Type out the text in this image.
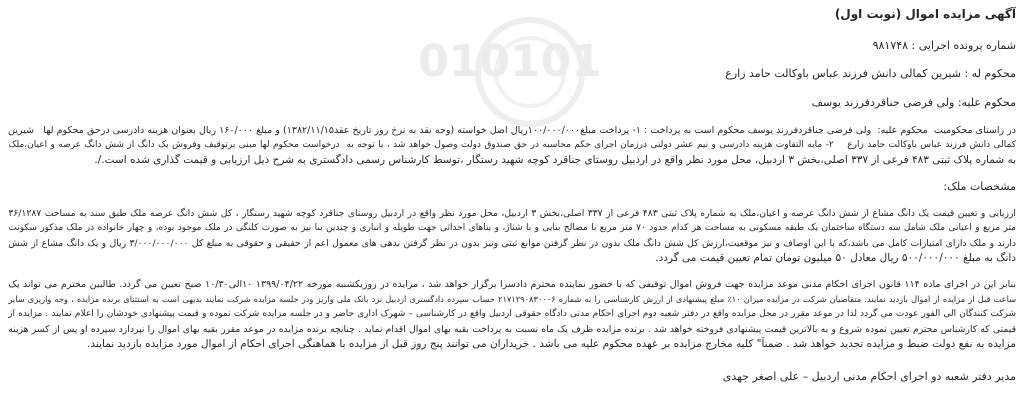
010101
آگهی مزایده اموال (نوبت اول)
شماره پرونده اجرایی : ۹۸۱۷۴۸
محکوم له : شیرین کمالی دانش فرزند عباس باوکالت حامد زارع
محکوم علیه: ولی فرضی جناقردفرزند یوسف
در راستای محکومیت  محکوم علیه:  ولی فرضی جناقردفرزند یوسف محکوم است به پرداخت : ۱- پرداخت مبلغ۱۰۰/۰۰۰/۰۰۰ریال اصل خواسته (وجه نقد به نرخ روز تاریخ عقد۱۳۸۲/۱۱/۱۵) و مبلغ ۱۶۰/۰۰۰ ریال بعنوان هزینه دادرسی درحق محکوم لها   شیرین
کمالی دانش فرزند عباس باوکالت حامد زارع    ۲- مایه التفاوت هزینه دادرسی و نیم عشر دولتی درزمان اجرای حکم محاسبه در حق صندوق دولت وصول خواهد شد ، با توجه به  درخواست محکوم لها مبنی برتوقیف وفروش یک دانگ از شش دانگ عرصه و اعیان،ملک
به شماره پلاک ثبتی ۴۸۳ فرعی از ۳۳۷ اصلی،بخش ۳ اردبیل، محل مورد نظر واقع در اردبیل روستای جناقرد کوچه شهید رستگار ،توسط کارشناس رسمی دادگستری به شرح ذیل ارزیابی و قیمت گذاری شده است./.
مشخصات ملک:
ارزیابی و تعیین قیمت یک دانگ مشاع از شش دانگ عرصه و اعیان،ملک به شماره پلاک ثبتی ۴۸۳ فرعی از ۳۳۷ اصلی،بخش ۳ اردبیل، محل مورد نظر واقع در اردبیل روستای جناقرد کوچه شهید رستگار ، کل شش دانگ عرصه ملک طبق سند به مساحت ۳۶/۱۲۸۷
متر مربع و اعیانی ملک شامل سه دستگاه ساختمان یک طبقه مسکونی به مساحت هر کدام حدود ۷۰ متر مربع با مصالح بنایی و با شناژ، و بناهای احداثی جهت طویله و انباری و چندین بنا نیز به صورت کلنگی در ملک موجود بوده، و چهار خانواده در ملک مذکور سکونت
دارند و ملک دارای امتیازات کامل می باشد،که با این اوصاف و نیز موقعیت،ارزش کل شش دانگ ملک بدون در نظر گرفتن موانع ثبتی ونیز بدون در نظر گرفتن بدهی های معمول اعم از حقیقی و حقوقی به مبلغ کل ۳/۰۰۰/۰۰۰/۰۰۰ ریال و یک دانگ مشاع از شش
دانگ به مبلغ ۵۰۰/۰۰۰/۰۰۰ ریال معادل ۵۰ میلیون تومان تمام تعیین قیمت می گردد.
بنابر این در اجرای ماده ۱۱۴ قانون اجرای احکام مدنی موعد مزایده جهت فروش اموال توقیفی که با حضور نماینده محترم دادسرا برگزار خواهد شد ، مزایده در روزیکشنبه مورخه ۱۳۹۹/۰۴/۲۲ ۱۰الی۱۰/۳۰ صبح تعیین می گردد. طالبین محترم می تواند یک
ساعت قبل از مزایده از اموال بازدید نمایند. متقاضیان شرکت در مزایده میزان ۱۰٪ مبلغ پیشنهادی از ارزش کارشناسی را به شماره ۲۱۷۱۲۹۰۸۳۰۰۰۶ حساب سپرده دادگستری اردبیل نزد بانک ملی واریز ودر جلسه مزایده شرکت نمایند بدیهی است به استثنای برنده مزایده ، وجه واریزی سایر
شرکت کنندگان الی الفور عودت می گردد لذا در موعد مقرر در محل مزایده واقع در دفتر شعبه دوم اجرای احکام مدنی دادگاه حقوقی اردبیل واقع در کارشناسی – شهرک اداری حاضر و در جلسه مزایده شرکت نموده و قیمت پیشنهادی خودشان را اعلام نمایند . مزایده از
قیمتی که کارشناس محترم تعیین نموده شروع و به بالاترین قیمت پیشنهادی فروخته خواهد شد . برنده مزایده ظرف یک ماه نسبت به پرداخت بقیه بهای اموال اقدام نماید . چنانچه برنده مزایده در موعد مقرر بقیه بهای اموال را نپردازد سپرده او پس از کسر هزینه
مزایده به نفع دولت ضبط و مزایده تجدید خواهد شد . ضمناً" کلیه مخارج مزایده بر عهده محکوم علیه می باشد . خریداران می توانند پنج روز قبل از مزایده با هماهنگی اجرای احکام از اموال مورد مزایده بازدید نمایند.
مدیر دفتر شعبه دو اجرای احکام مدنی اردبیل – علی اصغر جهدی
